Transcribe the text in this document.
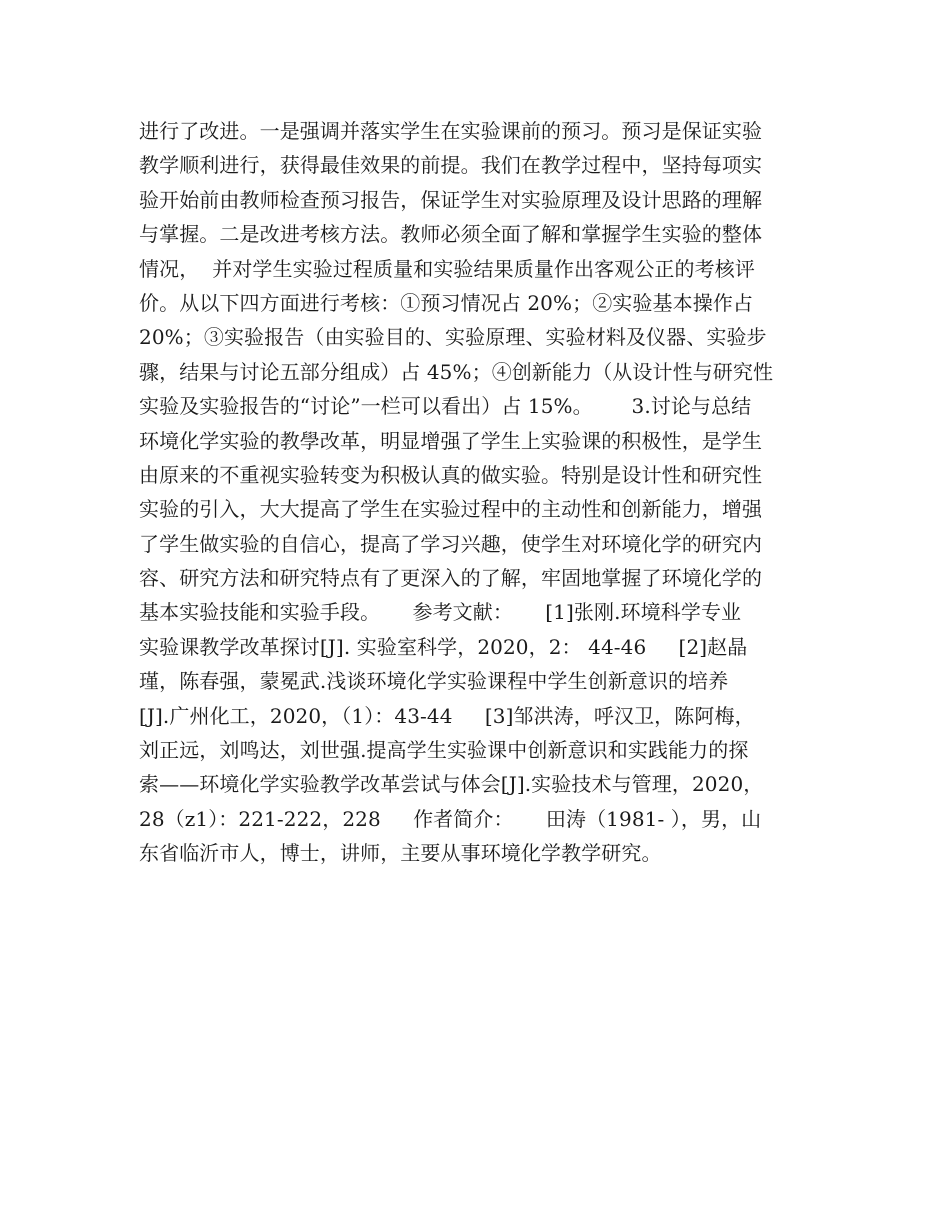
进行了改进。一是强调并落实学生在实验课前的预习。预习是保证实验
教学顺利进行，获得最佳效果的前提。我们在教学过程中，坚持每项实
验开始前由教师检查预习报告，保证学生对实验原理及设计思路的理解
与掌握。二是改进考核方法。教师必须全面了解和掌握学生实验的整体
情况，  并对学生实验过程质量和实验结果质量作出客观公正的考核评
价。从以下四方面进行考核：①预习情况占 20%；②实验基本操作占
20%；③实验报告（由实验目的、实验原理、实验材料及仪器、实验步
骤，结果与讨论五部分组成）占 45%；④创新能力（从设计性与研究性
实验及实验报告的“讨论”一栏可以看出）占 15%。      3.讨论与总结
环境化学实验的教學改革，明显增强了学生上实验课的积极性，是学生
由原来的不重视实验转变为积极认真的做实验。特别是设计性和研究性
实验的引入，大大提高了学生在实验过程中的主动性和创新能力，增强
了学生做实验的自信心，提高了学习兴趣，使学生对环境化学的研究内
容、研究方法和研究特点有了更深入的了解，牢固地掌握了环境化学的
基本实验技能和实验手段。     参考文献：     [1]张刚.环境科学专业
实验课教学改革探讨[J]. 实验室科学，2020，2： 44-46     [2]赵晶
瑾，陈春强，蒙冕武.浅谈环境化学实验课程中学生创新意识的培养
[J].广州化工，2020，（1）：43-44     [3]邹洪涛，呼汉卫，陈阿梅，
刘正远，刘鸣达，刘世强.提高学生实验课中创新意识和实践能力的探
索——环境化学实验教学改革尝试与体会[J].实验技术与管理，2020，
28（z1）：221-222，228     作者简介：     田涛（1981- ），男，山
东省临沂市人，博士，讲师，主要从事环境化学教学研究。
